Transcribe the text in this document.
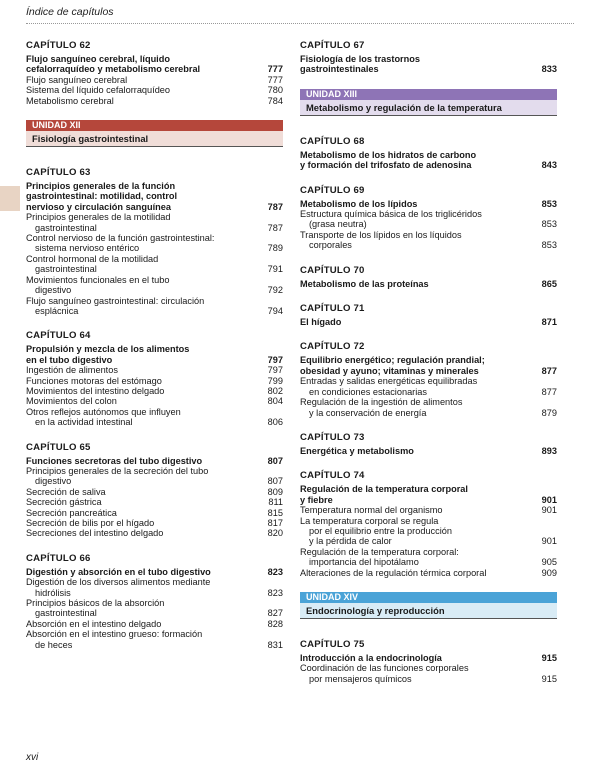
Índice de capítulos
CAPÍTULO 62
Flujo sanguíneo cerebral, líquido
cefalorraquídeo y metabolismo cerebral	777
Flujo sanguíneo cerebral	777
Sistema del líquido cefalorraquídeo	780
Metabolismo cerebral	784
UNIDAD XII
Fisiología gastrointestinal
CAPÍTULO 63
Principios generales de la función
gastrointestinal: motilidad, control
nervioso y circulación sanguínea	787
Principios generales de la motilidad
gastrointestinal	787
Control nervioso de la función gastrointestinal:
sistema nervioso entérico	789
Control hormonal de la motilidad
gastrointestinal	791
Movimientos funcionales en el tubo
digestivo	792
Flujo sanguíneo gastrointestinal: circulación
esplácnica	794
CAPÍTULO 64
Propulsión y mezcla de los alimentos
en el tubo digestivo	797
Ingestión de alimentos	797
Funciones motoras del estómago	799
Movimientos del intestino delgado	802
Movimientos del colon	804
Otros reflejos autónomos que influyen
en la actividad intestinal	806
CAPÍTULO 65
Funciones secretoras del tubo digestivo	807
Principios generales de la secreción del tubo
digestivo	807
Secreción de saliva	809
Secreción gástrica	811
Secreción pancreática	815
Secreción de bilis por el hígado	817
Secreciones del intestino delgado	820
CAPÍTULO 66
Digestión y absorción en el tubo digestivo	823
Digestión de los diversos alimentos mediante
hidrólisis	823
Principios básicos de la absorción
gastrointestinal	827
Absorción en el intestino delgado	828
Absorción en el intestino grueso: formación
de heces	831
CAPÍTULO 67
Fisiología de los trastornos
gastrointestinales	833
UNIDAD XIII
Metabolismo y regulación de la temperatura
CAPÍTULO 68
Metabolismo de los hidratos de carbono
y formación del trifosfato de adenosina	843
CAPÍTULO 69
Metabolismo de los lípidos	853
Estructura química básica de los triglicéridos
(grasa neutra)	853
Transporte de los lípidos en los líquidos
corporales	853
CAPÍTULO 70
Metabolismo de las proteínas	865
CAPÍTULO 71
El hígado	871
CAPÍTULO 72
Equilibrio energético; regulación prandial;
obesidad y ayuno; vitaminas y minerales	877
Entradas y salidas energéticas equilibradas
en condiciones estacionarias	877
Regulación de la ingestión de alimentos
y la conservación de energía	879
CAPÍTULO 73
Energética y metabolismo	893
CAPÍTULO 74
Regulación de la temperatura corporal
y fiebre	901
Temperatura normal del organismo	901
La temperatura corporal se regula
por el equilibrio entre la producción
y la pérdida de calor	901
Regulación de la temperatura corporal:
importancia del hipotálamo	905
Alteraciones de la regulación térmica corporal	909
UNIDAD XIV
Endocrinología y reproducción
CAPÍTULO 75
Introducción a la endocrinología	915
Coordinación de las funciones corporales
por mensajeros químicos	915
xvi
